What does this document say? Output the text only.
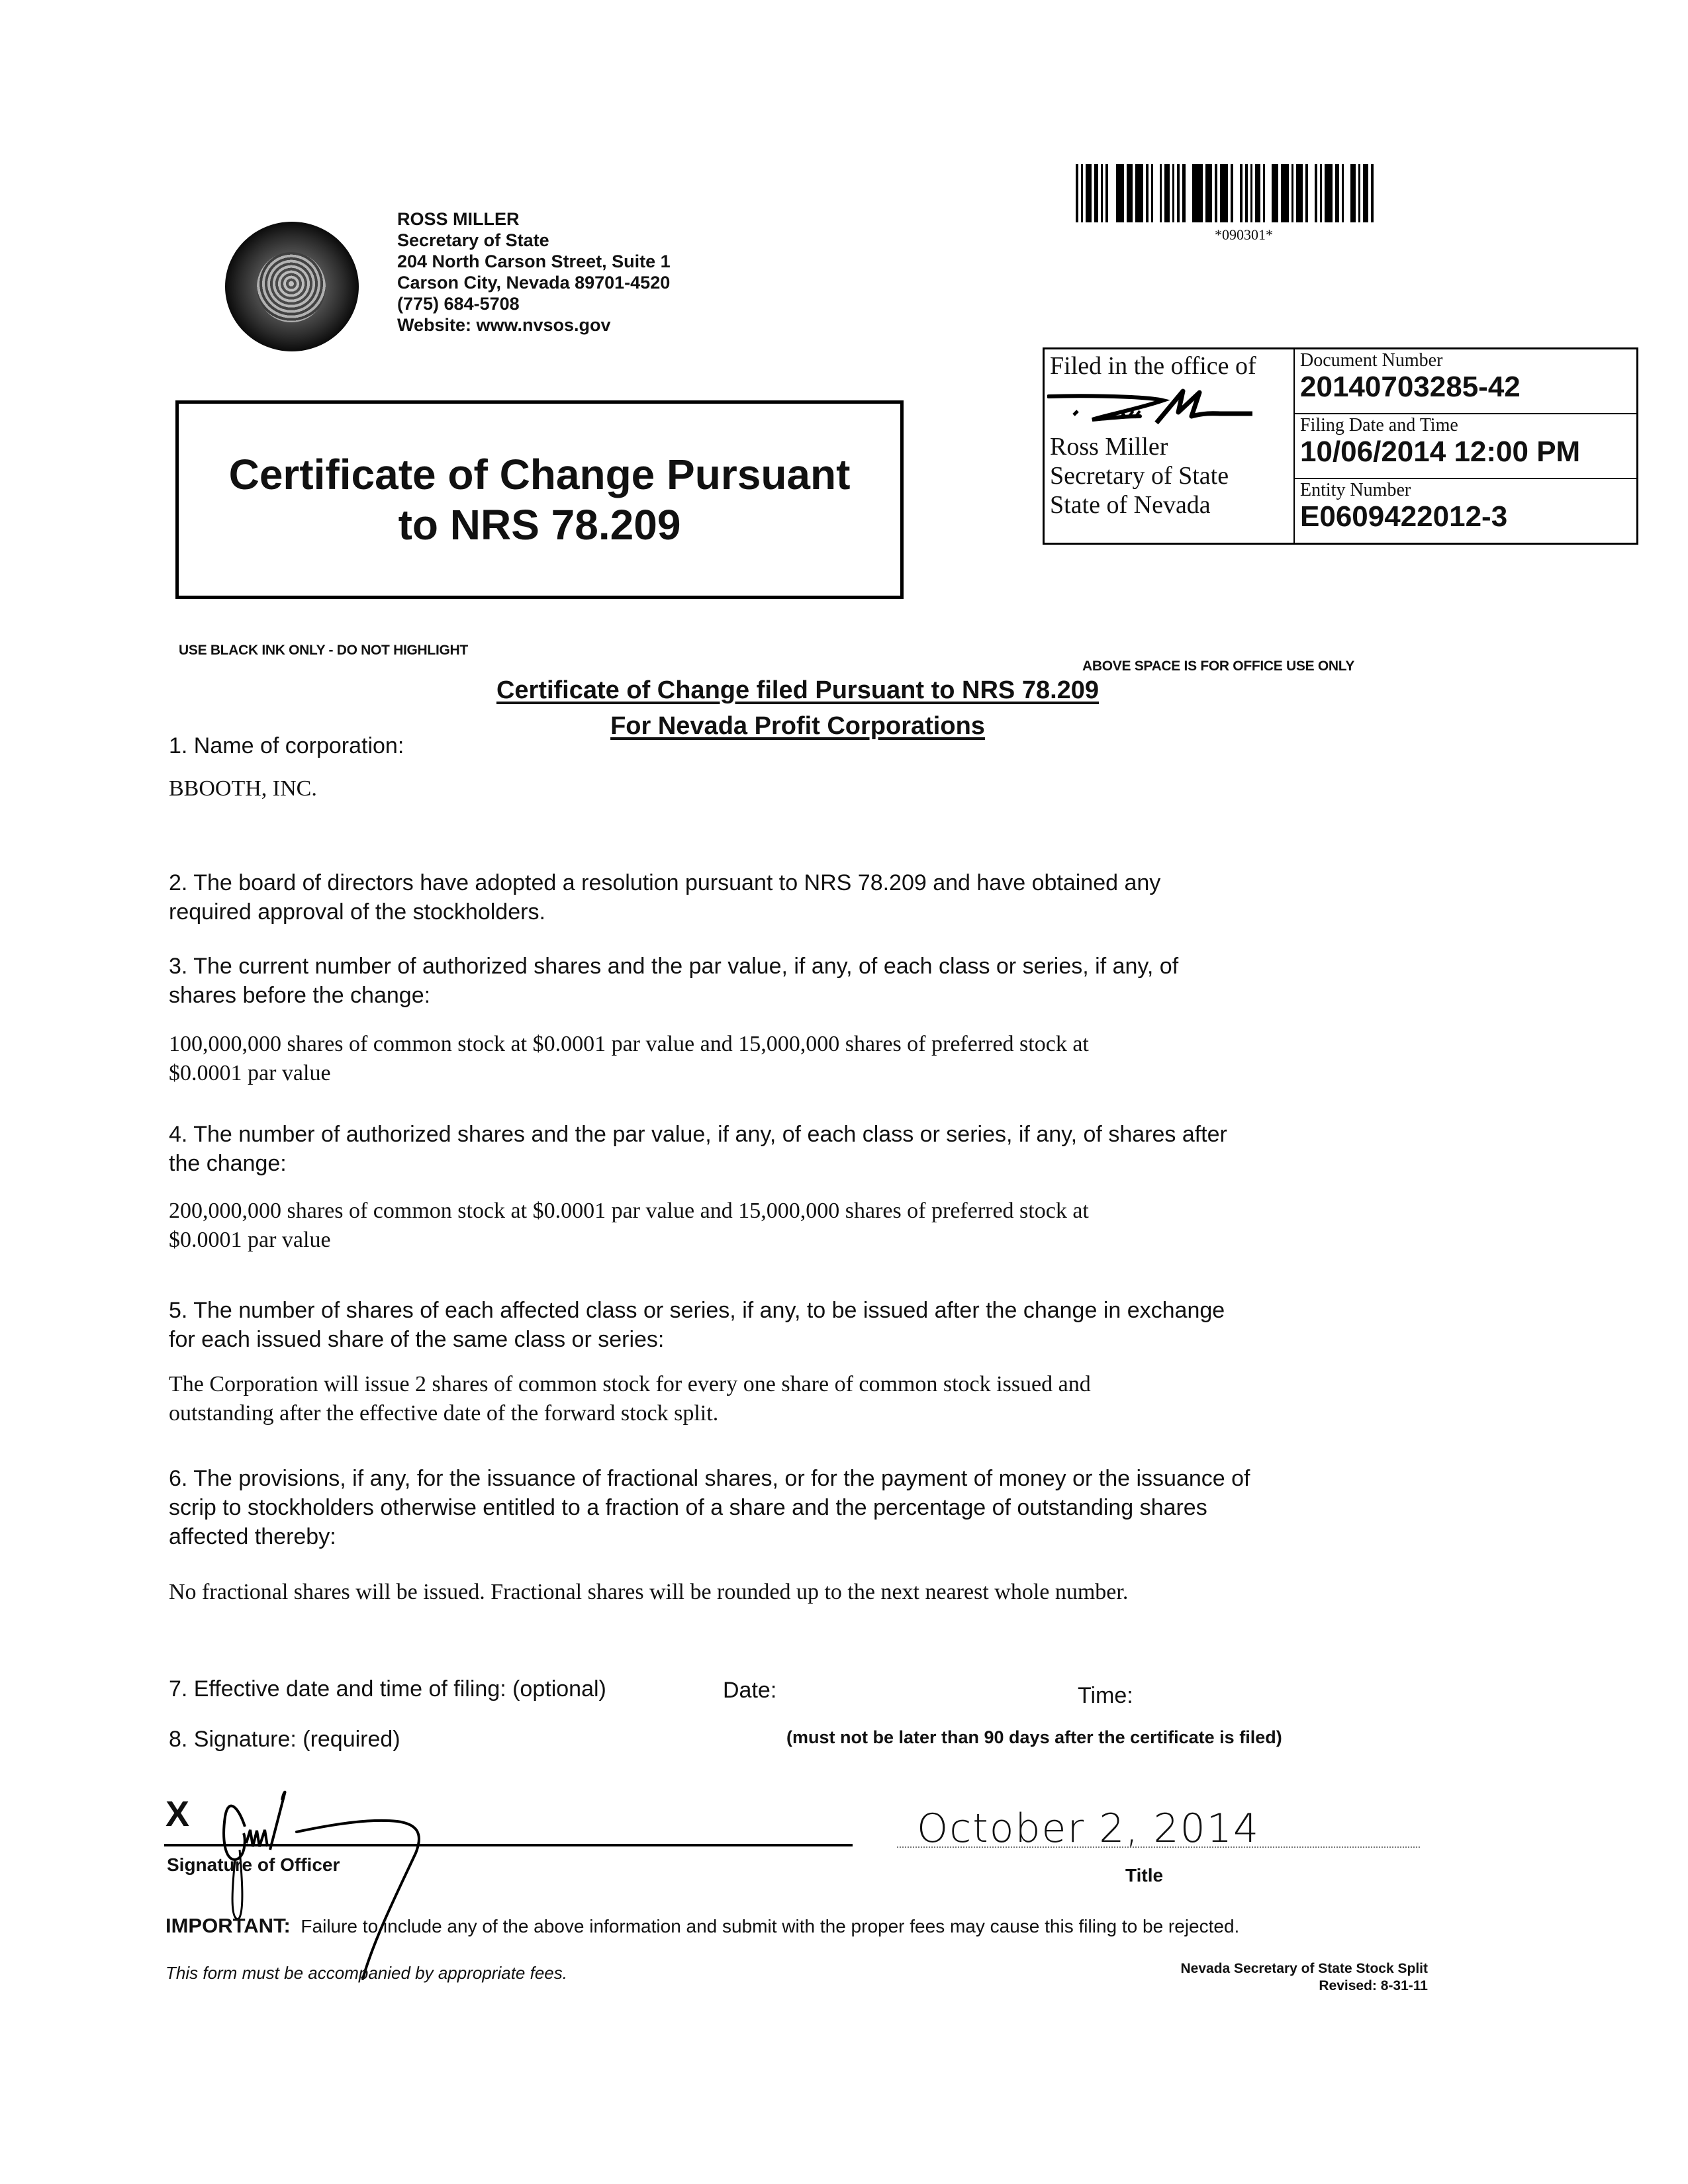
ROSS MILLER
Secretary of State
204 North Carson Street, Suite 1
Carson City, Nevada 89701-4520
(775) 684-5708
Website: www.nvsos.gov
*090301*
Filed in the office of
Ross Miller
Secretary of State
State of Nevada
Document Number
20140703285-42
Filing Date and Time
10/06/2014 12:00 PM
Entity Number
E0609422012-3
Certificate of Change Pursuant
to NRS 78.209
USE BLACK INK ONLY - DO NOT HIGHLIGHT
ABOVE SPACE IS FOR OFFICE USE ONLY
Certificate of Change filed Pursuant to NRS 78.209
For Nevada Profit Corporations
1. Name of corporation:
BBOOTH, INC.
2. The board of directors have adopted a resolution pursuant to NRS 78.209 and have obtained any
required approval of the stockholders.
3. The current number of authorized shares and the par value, if any, of each class or series, if any, of
shares before the change:
100,000,000 shares of common stock at $0.0001 par value and 15,000,000 shares of preferred stock at
$0.0001 par value
4. The number of authorized shares and the par value, if any, of each class or series, if any, of shares after
the change:
200,000,000 shares of common stock at $0.0001 par value and 15,000,000 shares of preferred stock at
$0.0001 par value
5. The number of shares of each affected class or series, if any, to be issued after the change in exchange
for each issued share of the same class or series:
The Corporation will issue 2 shares of common stock for every one share of common stock issued and
outstanding after the effective date of the forward stock split.
6. The provisions, if any, for the issuance of fractional shares, or for the payment of money or the issuance of
scrip to stockholders otherwise entitled to a fraction of a share and the percentage of outstanding shares
affected thereby:
No fractional shares will be issued. Fractional shares will be rounded up to the next nearest whole number.
7. Effective date and time of filing: (optional)	Date:	Time:
8. Signature: (required)	(must not be later than 90 days after the certificate is filed)
X
Signature of Officer
October 2, 2014
Title
IMPORTANT:  Failure to include any of the above information and submit with the proper fees may cause this filing to be rejected.
This form must be accompanied by appropriate fees.	Nevada Secretary of State Stock Split
Revised: 8-31-11
